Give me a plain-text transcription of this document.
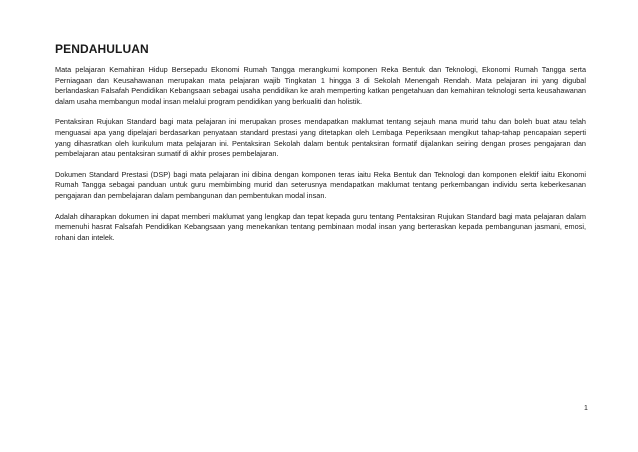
PENDAHULUAN

Mata pelajaran Kemahiran Hidup Bersepadu Ekonomi Rumah Tangga merangkumi komponen Reka Bentuk dan Teknologi, Ekonomi Rumah Tangga serta Perniagaan dan Keusahawanan merupakan mata pelajaran wajib Tingkatan 1 hingga 3 di Sekolah Menengah Rendah. Mata pelajaran ini yang digubal berlandaskan Falsafah Pendidikan Kebangsaan sebagai usaha pendidikan ke arah memperting katkan pengetahuan dan kemahiran teknologi serta keusahawanan dalam usaha membangun modal insan melalui program pendidikan yang berkualiti dan holistik.

Pentaksiran Rujukan Standard bagi mata pelajaran ini merupakan proses mendapatkan maklumat tentang sejauh mana murid tahu dan boleh buat atau telah menguasai apa yang dipelajari berdasarkan penyataan standard prestasi yang ditetapkan oleh Lembaga Peperiksaan mengikut tahap-tahap pencapaian seperti yang dihasratkan oleh kurikulum mata pelajaran ini. Pentaksiran Sekolah dalam bentuk pentaksiran formatif dijalankan seiring dengan proses pengajaran dan pembelajaran atau pentaksiran sumatif di akhir proses pembelajaran.

Dokumen Standard Prestasi (DSP) bagi mata pelajaran ini dibina dengan komponen teras iaitu Reka Bentuk dan Teknologi dan komponen elektif iaitu Ekonomi Rumah Tangga sebagai panduan untuk guru membimbing murid dan seterusnya mendapatkan maklumat tentang perkembangan individu serta keberkesanan pengajaran dan pembelajaran dalam pembangunan dan pembentukan modal insan.

Adalah diharapkan dokumen ini dapat memberi maklumat yang lengkap dan tepat kepada guru tentang Pentaksiran Rujukan Standard bagi mata pelajaran dalam memenuhi hasrat Falsafah Pendidikan Kebangsaan yang menekankan tentang pembinaan modal insan yang berteraskan kepada pembangunan jasmani, emosi, rohani dan intelek.

1
